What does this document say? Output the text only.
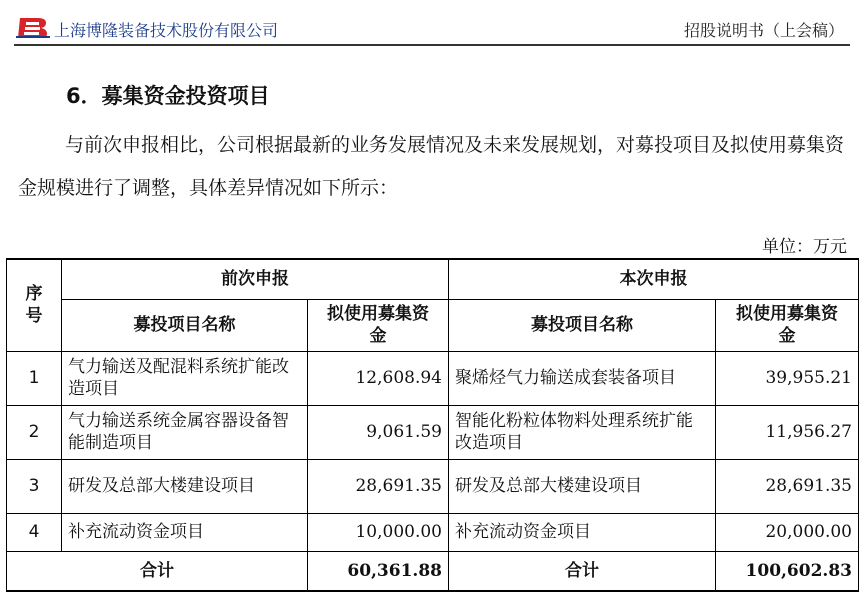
上海博隆装备技术股份有限公司	招股说明书（上会稿）
6．募集资金投资项目
与前次申报相比，公司根据最新的业务发展情况及未来发展规划，对募投项目及拟使用募集资金规模进行了调整，具体差异情况如下所示：
单位：万元
序号	前次申报		本次申报	
	募投项目名称	拟使用募集资金	募投项目名称	拟使用募集资金
1	气力输送及配混料系统扩能改造项目	12,608.94	聚烯烃气力输送成套装备项目	39,955.21
2	气力输送系统金属容器设备智能制造项目	9,061.59	智能化粉粒体物料处理系统扩能改造项目	11,956.27
3	研发及总部大楼建设项目	28,691.35	研发及总部大楼建设项目	28,691.35
4	补充流动资金项目	10,000.00	补充流动资金项目	20,000.00
合计		60,361.88	合计	100,602.83
